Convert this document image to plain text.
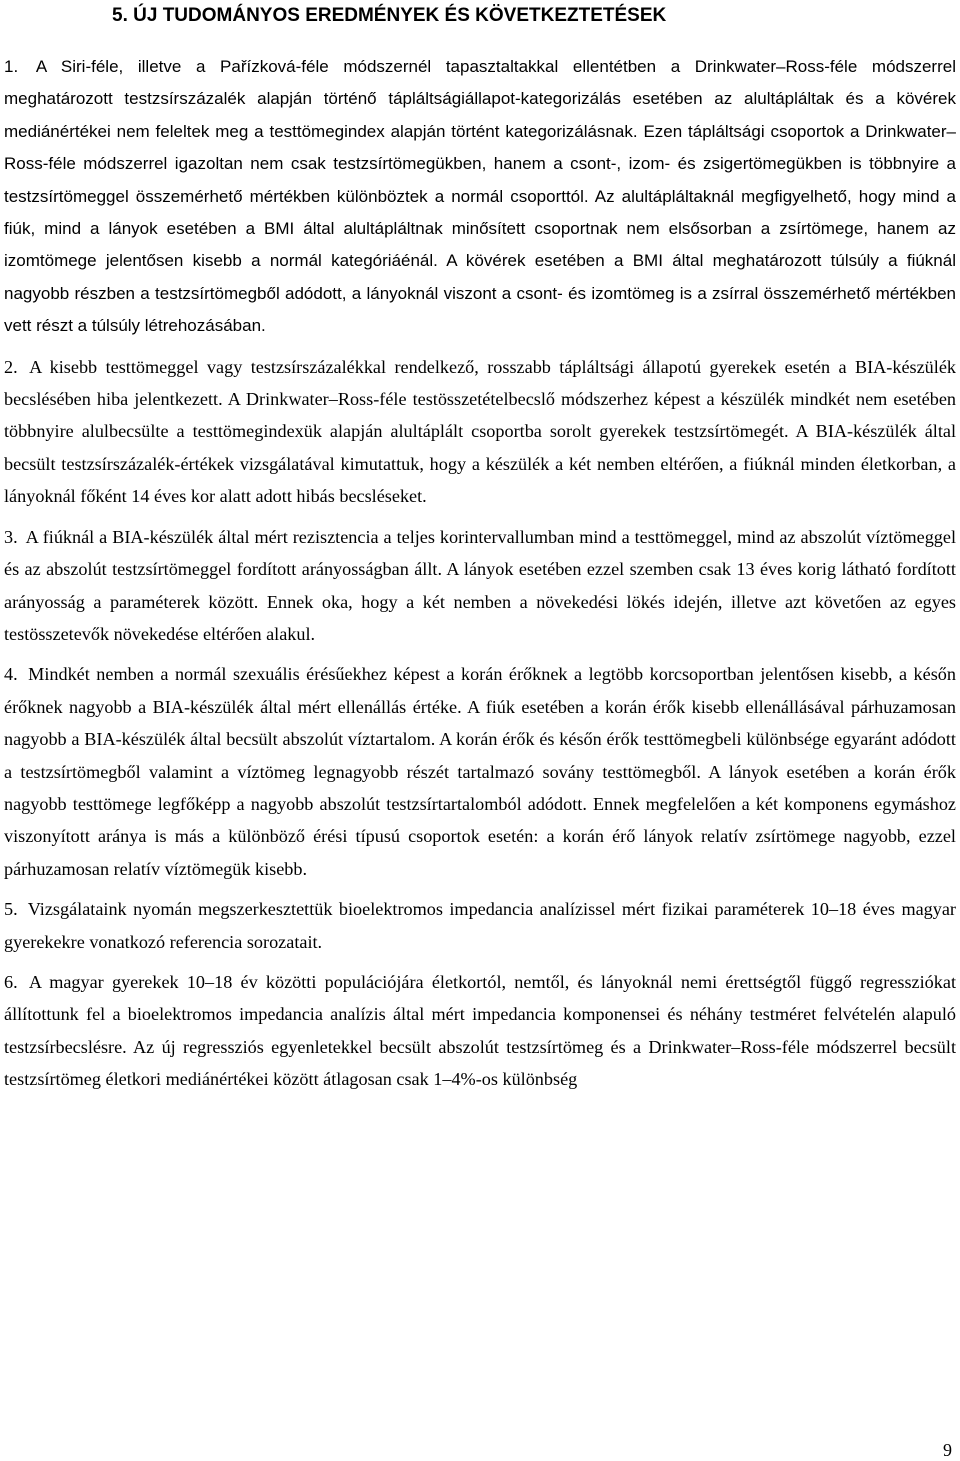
5. ÚJ TUDOMÁNYOS EREDMÉNYEK ÉS KÖVETKEZTETÉSEK

1. A Siri-féle, illetve a Pařízková-féle módszernél tapasztaltakkal ellentétben a Drinkwater–Ross-féle módszerrel meghatározott testzsírszázalék alapján történő tápláltságiállapot-kategorizálás esetében az alultápláltak és a kövérek mediánértékei nem feleltek meg a testtömegindex alapján történt kategorizálásnak. Ezen tápláltsági csoportok a Drinkwater–Ross-féle módszerrel igazoltan nem csak testzsírtömegükben, hanem a csont-, izom- és zsigertömegükben is többnyire a testzsírtömeggel összemérhető mértékben különböztek a normál csoporttól. Az alultápláltaknál megfigyelhető, hogy mind a fiúk, mind a lányok esetében a BMI által alultápláltnak minősített csoportnak nem elsősorban a zsírtömege, hanem az izomtömege jelentősen kisebb a normál kategóriáénál. A kövérek esetében a BMI által meghatározott túlsúly a fiúknál nagyobb részben a testzsírtömegből adódott, a lányoknál viszont a csont- és izomtömeg is a zsírral összemérhető mértékben vett részt a túlsúly létrehozásában.

2. A kisebb testtömeggel vagy testzsírszázalékkal rendelkező, rosszabb tápláltsági állapotú gyerekek esetén a BIA-készülék becslésében hiba jelentkezett. A Drinkwater–Ross-féle testösszetételbecslő módszerhez képest a készülék mindkét nem esetében többnyire alulbecsülte a testtömegindexük alapján alultáplált csoportba sorolt gyerekek testzsírtömegét. A BIA-készülék által becsült testzsírszázalék-értékek vizsgálatával kimutattuk, hogy a készülék a két nemben eltérően, a fiúknál minden életkorban, a lányoknál főként 14 éves kor alatt adott hibás becsléseket.

3. A fiúknál a BIA-készülék által mért rezisztencia a teljes korintervallumban mind a testtömeggel, mind az abszolút víztömeggel és az abszolút testzsírtömeggel fordított arányosságban állt. A lányok esetében ezzel szemben csak 13 éves korig látható fordított arányosság a paraméterek között. Ennek oka, hogy a két nemben a növekedési lökés idején, illetve azt követően az egyes testösszetevők növekedése eltérően alakul.

4. Mindkét nemben a normál szexuális érésűekhez képest a korán érőknek a legtöbb korcsoportban jelentősen kisebb, a későn érőknek nagyobb a BIA-készülék által mért ellenállás értéke. A fiúk esetében a korán érők kisebb ellenállásával párhuzamosan nagyobb a BIA-készülék által becsült abszolút víztartalom. A korán érők és későn érők testtömegbeli különbsége egyaránt adódott a testzsírtömegből valamint a víztömeg legnagyobb részét tartalmazó sovány testtömegből. A lányok esetében a korán érők nagyobb testtömege legfőképp a nagyobb abszolút testzsírtartalomból adódott. Ennek megfelelően a két komponens egymáshoz viszonyított aránya is más a különböző érési típusú csoportok esetén: a korán érő lányok relatív zsírtömege nagyobb, ezzel párhuzamosan relatív víztömegük kisebb.

5. Vizsgálataink nyomán megszerkesztettük bioelektromos impedancia analízissel mért fizikai paraméterek 10–18 éves magyar gyerekekre vonatkozó referencia sorozatait.

6. A magyar gyerekek 10–18 év közötti populációjára életkortól, nemtől, és lányoknál nemi érettségtől függő regressziókat állítottunk fel a bioelektromos impedancia analízis által mért impedancia komponensei és néhány testméret felvételén alapuló testzsírbecslésre. Az új regressziós egyenletekkel becsült abszolút testzsírtömeg és a Drinkwater–Ross-féle módszerrel becsült testzsírtömeg életkori mediánértékei között átlagosan csak 1–4%-os különbség

9
